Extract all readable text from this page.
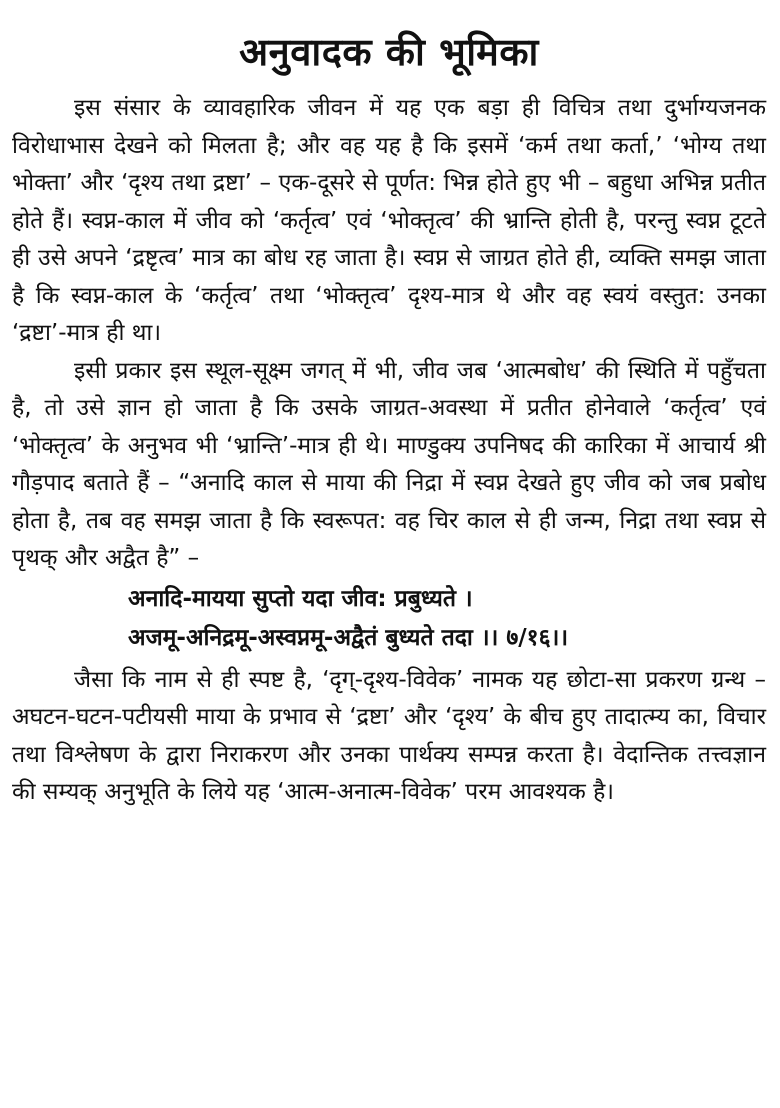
अनुवादक की भूमिका

इस संसार के व्यावहारिक जीवन में यह एक बड़ा ही विचित्र तथा दुर्भाग्यजनक विरोधाभास देखने को मिलता है; और वह यह है कि इसमें ‘कर्म तथा कर्ता,’ ‘भोग्य तथा भोक्ता’ और ‘दृश्य तथा द्रष्टा’ – एक-दूसरे से पूर्णत: भिन्न होते हुए भी – बहुधा अभिन्न प्रतीत होते हैं। स्वप्न-काल में जीव को ‘कर्तृत्व’ एवं ‘भोक्तृत्व’ की भ्रान्ति होती है, परन्तु स्वप्न टूटते ही उसे अपने ‘द्रष्टृत्व’ मात्र का बोध रह जाता है। स्वप्न से जाग्रत होते ही, व्यक्ति समझ जाता है कि स्वप्न-काल के ‘कर्तृत्व’ तथा ‘भोक्तृत्व’ दृश्य-मात्र थे और वह स्वयं वस्तुत: उनका ‘द्रष्टा’-मात्र ही था।

इसी प्रकार इस स्थूल-सूक्ष्म जगत् में भी, जीव जब ‘आत्मबोध’ की स्थिति में पहुँचता है, तो उसे ज्ञान हो जाता है कि उसके जाग्रत-अवस्था में प्रतीत होनेवाले ‘कर्तृत्व’ एवं ‘भोक्तृत्व’ के अनुभव भी ‘भ्रान्ति’-मात्र ही थे। माण्डुक्य उपनिषद की कारिका में आचार्य श्री गौड़पाद बताते हैं – “अनादि काल से माया की निद्रा में स्वप्न देखते हुए जीव को जब प्रबोध होता है, तब वह समझ जाता है कि स्वरूपत: वह चिर काल से ही जन्म, निद्रा तथा स्वप्न से पृथक् और अद्वैत है” –

अनादि-मायया सुप्तो यदा जीव: प्रबुध्यते ।
अजमू-अनिद्रमू-अस्वप्नमू-अद्वैतं बुध्यते तदा ।। ७/१६।।

जैसा कि नाम से ही स्पष्ट है, ‘दृग्-दृश्य-विवेक’ नामक यह छोटा-सा प्रकरण ग्रन्थ – अघटन-घटन-पटीयसी माया के प्रभाव से ‘द्रष्टा’ और ‘दृश्य’ के बीच हुए तादात्म्य का, विचार तथा विश्लेषण के द्वारा निराकरण और उनका पार्थक्य सम्पन्न करता है। वेदान्तिक तत्त्वज्ञान की सम्यक् अनुभूति के लिये यह ‘आत्म-अनात्म-विवेक’ परम आवश्यक है।
